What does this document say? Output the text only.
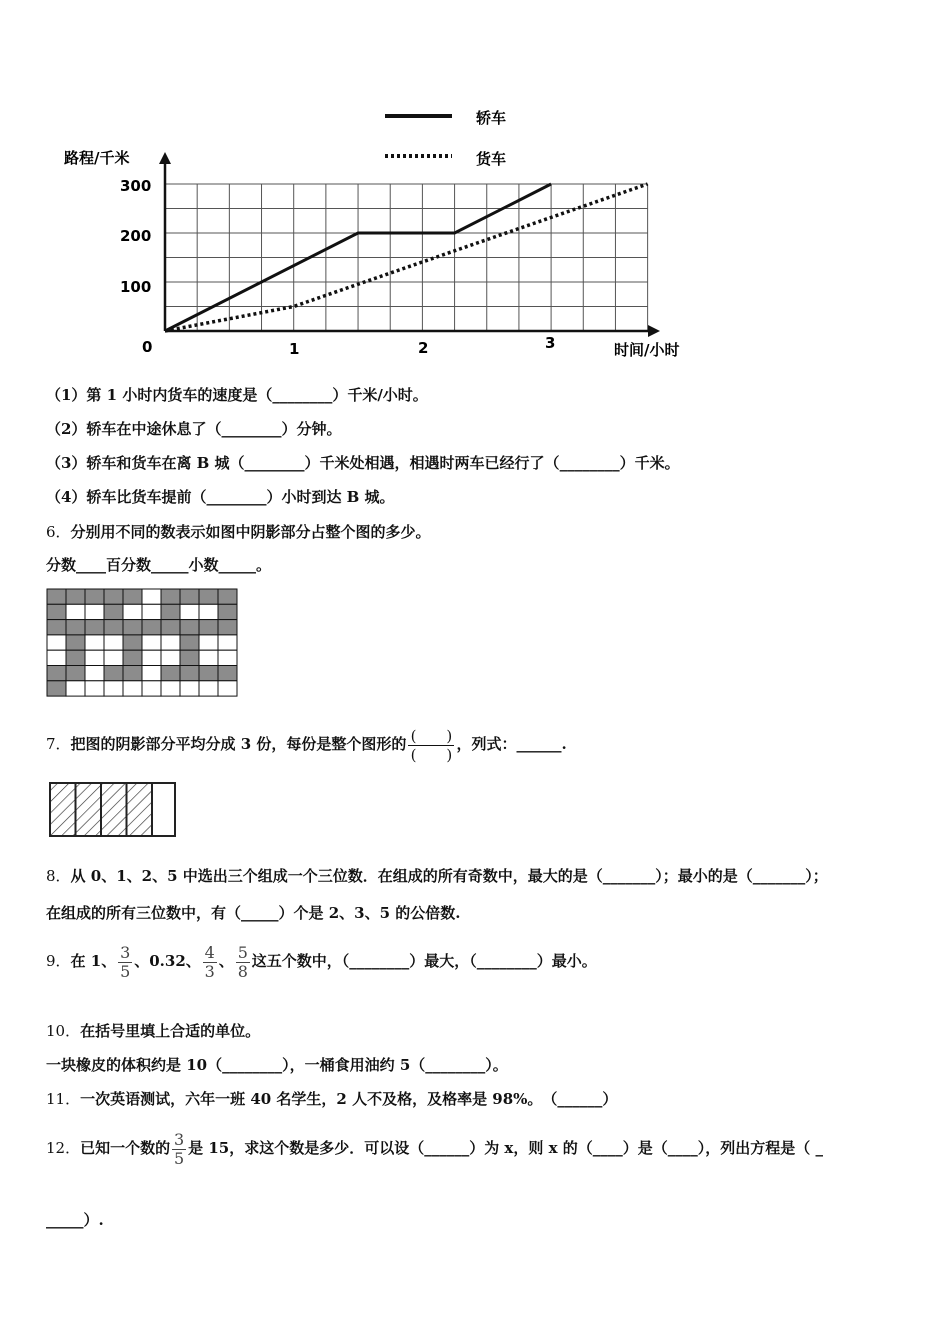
轿车
货车
路程/千米
时间/小时
300
200
100
0	1	2	3
（1）第 1 小时内货车的速度是（________）千米/小时。
（2）轿车在中途休息了（________）分钟。
（3）轿车和货车在离 B 城（________）千米处相遇，相遇时两车已经行了（________）千米。
（4）轿车比货车提前（________）小时到达 B 城。
6．分别用不同的数表示如图中阴影部分占整个图的多少。
分数____百分数_____小数_____。
7．把图的阴影部分平均分成 3 份，每份是整个图形的 (　　)
(　　)
，列式：______.
8．从 0、1、2、5 中选出三个组成一个三位数．在组成的所有奇数中，最大的是（_______）；最小的是（_______）；
在组成的所有三位数中，有（_____）个是 2、3、5 的公倍数.
9．在 1、 $\frac{3}{5}$ 、0.32、 $\frac{4}{3}$ 、 $\frac{5}{8}$ 这五个数中，（________）最大，（________）最小。
10．在括号里填上合适的单位。
一块橡皮的体积约是 10（________），一桶食用油约 5（________）。
11．一次英语测试，六年一班 40 名学生，2 人不及格，及格率是 98%。　（______）
12．已知一个数的 $\frac{3}{5}$ 是 15，求这个数是多少．可以设（______）为 x，则 x 的（____）是（____），列出方程是（ _
_____）.
